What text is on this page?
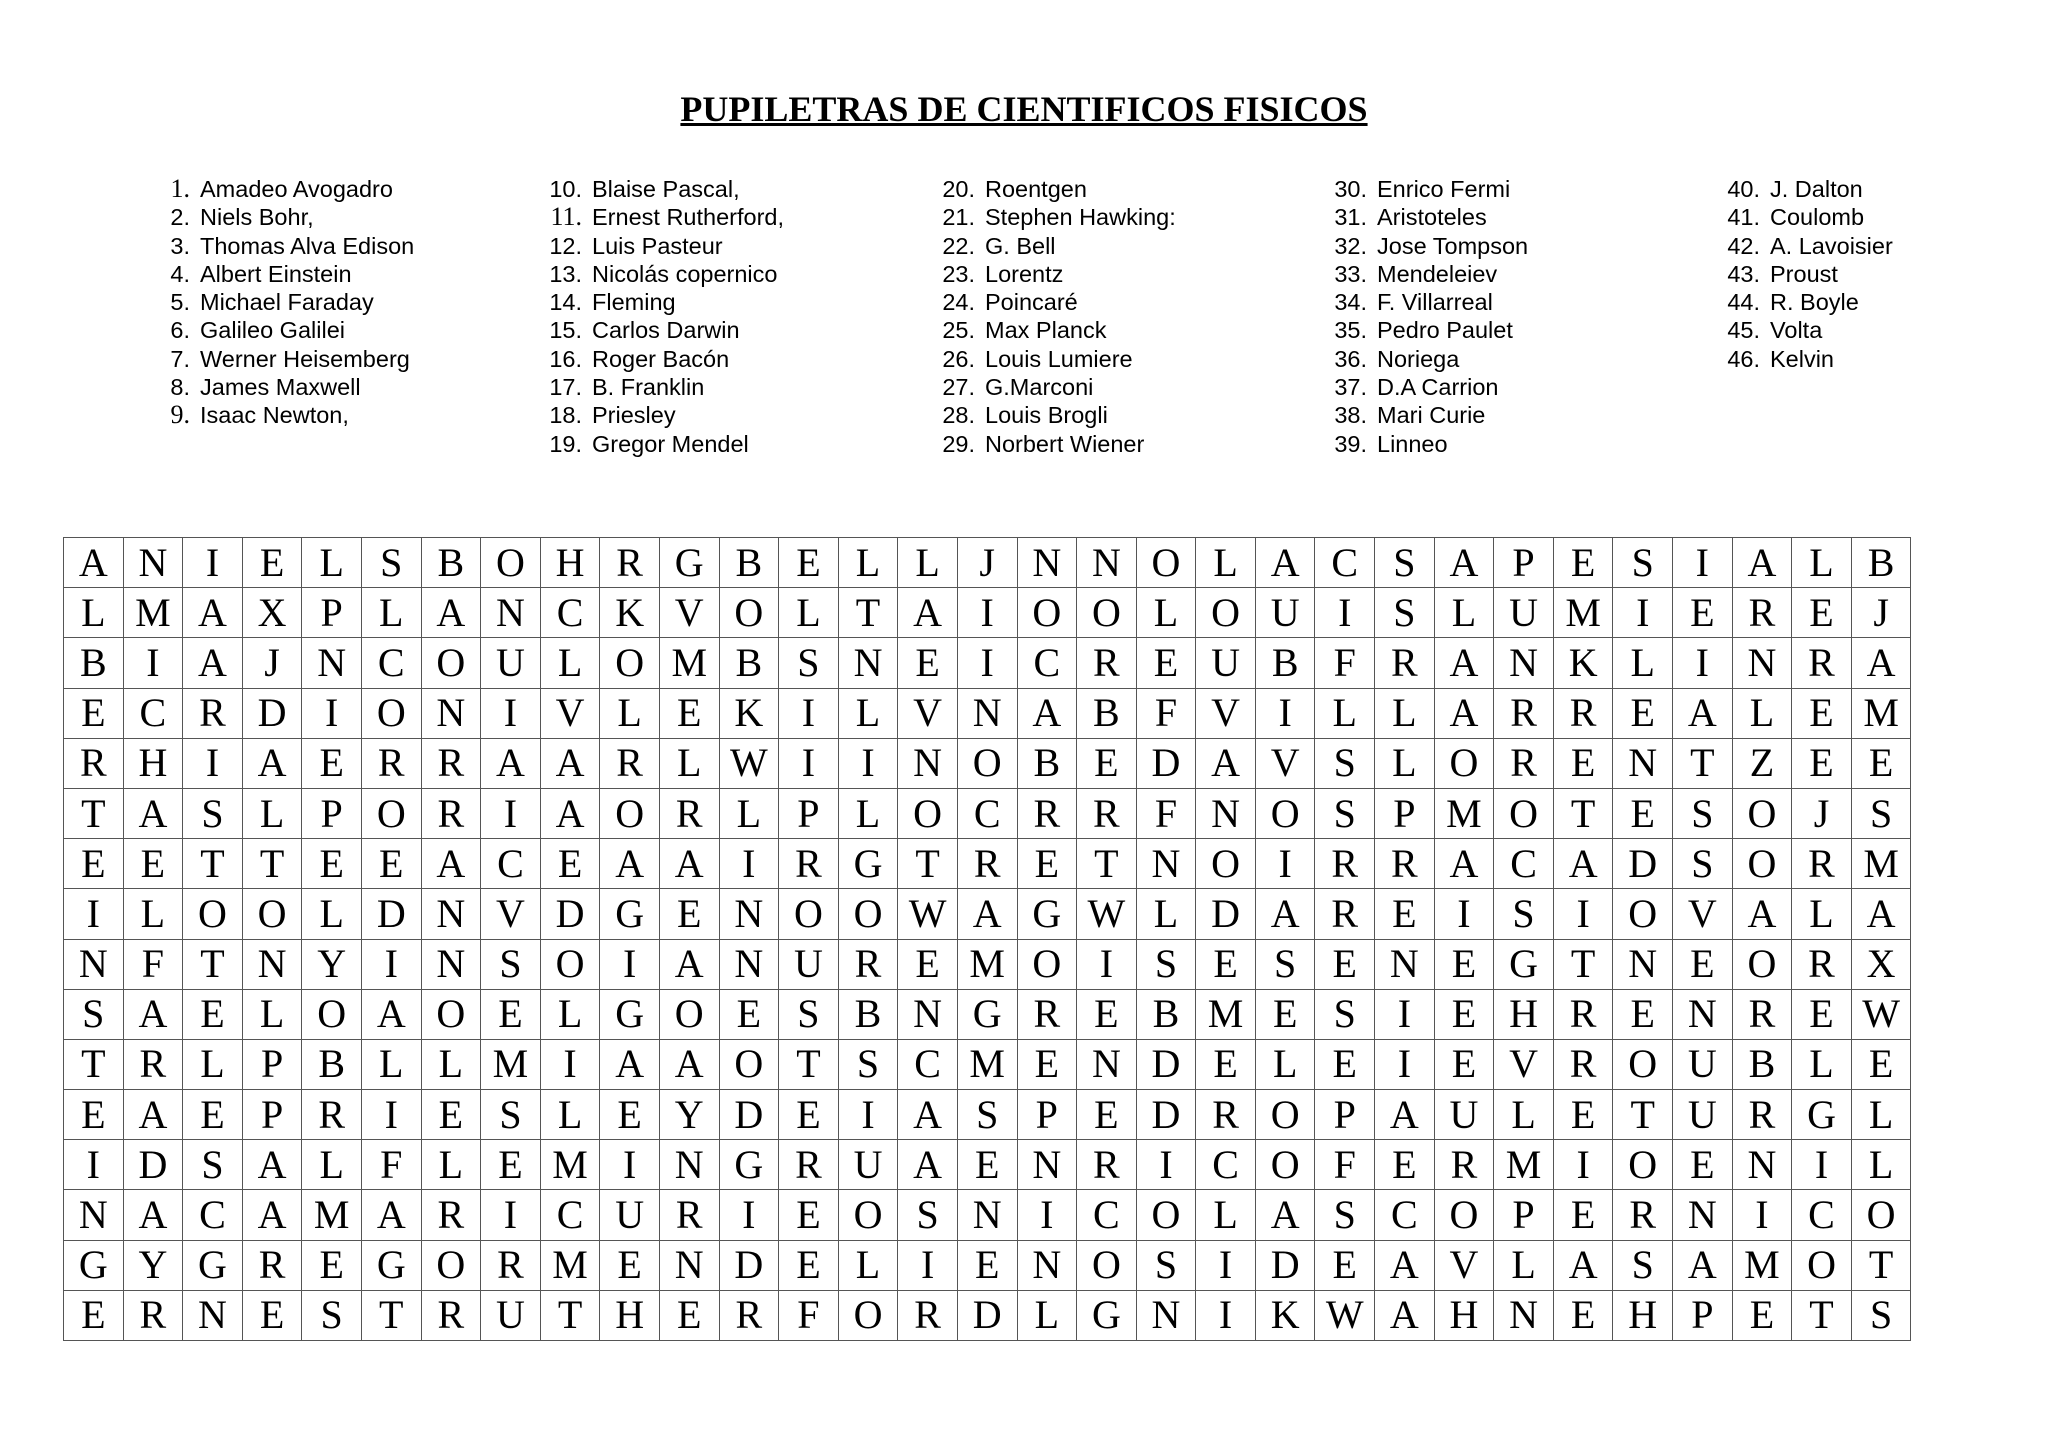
PUPILETRAS DE CIENTIFICOS FISICOS
1. Amadeo Avogadro
2. Niels Bohr,
3. Thomas Alva Edison
4. Albert Einstein
5. Michael Faraday
6. Galileo Galilei
7. Werner Heisemberg
8. James Maxwell
9. Isaac Newton,
10. Blaise Pascal,
11. Ernest Rutherford,
12. Luis Pasteur
13. Nicolás copernico
14. Fleming
15. Carlos Darwin
16. Roger Bacón
17. B. Franklin
18. Priesley
19. Gregor Mendel
20. Roentgen
21. Stephen Hawking:
22. G. Bell
23. Lorentz
24. Poincaré
25. Max Planck
26. Louis Lumiere
27. G.Marconi
28. Louis Brogli
29. Norbert Wiener
30. Enrico Fermi
31. Aristoteles
32. Jose Tompson
33. Mendeleiev
34. F. Villarreal
35. Pedro Paulet
36. Noriega
37. D.A Carrion
38. Mari Curie
39. Linneo
40. J. Dalton
41. Coulomb
42. A. Lavoisier
43. Proust
44. R. Boyle
45. Volta
46. Kelvin
A	N	I	E	L	S	B	O	H	R	G	B	E	L	L	J	N	N	O	L	A	C	S	A	P	E	S	I	A	L	B
L	M	A	X	P	L	A	N	C	K	V	O	L	T	A	I	O	O	L	O	U	I	S	L	U	M	I	E	R	E	J
B	I	A	J	N	C	O	U	L	O	M	B	S	N	E	I	C	R	E	U	B	F	R	A	N	K	L	I	N	R	A
E	C	R	D	I	O	N	I	V	L	E	K	I	L	V	N	A	B	F	V	I	L	L	A	R	R	E	A	L	E	M
R	H	I	A	E	R	R	A	A	R	L	W	I	I	N	O	B	E	D	A	V	S	L	O	R	E	N	T	Z	E	E
T	A	S	L	P	O	R	I	A	O	R	L	P	L	O	C	R	R	F	N	O	S	P	M	O	T	E	S	O	J	S
E	E	T	T	E	E	A	C	E	A	A	I	R	G	T	R	E	T	N	O	I	R	R	A	C	A	D	S	O	R	M
I	L	O	O	L	D	N	V	D	G	E	N	O	O	W	A	G	W	L	D	A	R	E	I	S	I	O	V	A	L	A
N	F	T	N	Y	I	N	S	O	I	A	N	U	R	E	M	O	I	S	E	S	E	N	E	G	T	N	E	O	R	X
S	A	E	L	O	A	O	E	L	G	O	E	S	B	N	G	R	E	B	M	E	S	I	E	H	R	E	N	R	E	W
T	R	L	P	B	L	L	M	I	A	A	O	T	S	C	M	E	N	D	E	L	E	I	E	V	R	O	U	B	L	E
E	A	E	P	R	I	E	S	L	E	Y	D	E	I	A	S	P	E	D	R	O	P	A	U	L	E	T	U	R	G	L
I	D	S	A	L	F	L	E	M	I	N	G	R	U	A	E	N	R	I	C	O	F	E	R	M	I	O	E	N	I	L
N	A	C	A	M	A	R	I	C	U	R	I	E	O	S	N	I	C	O	L	A	S	C	O	P	E	R	N	I	C	O
G	Y	G	R	E	G	O	R	M	E	N	D	E	L	I	E	N	O	S	I	D	E	A	V	L	A	S	A	M	O	T
E	R	N	E	S	T	R	U	T	H	E	R	F	O	R	D	L	G	N	I	K	W	A	H	N	E	H	P	E	T	S
